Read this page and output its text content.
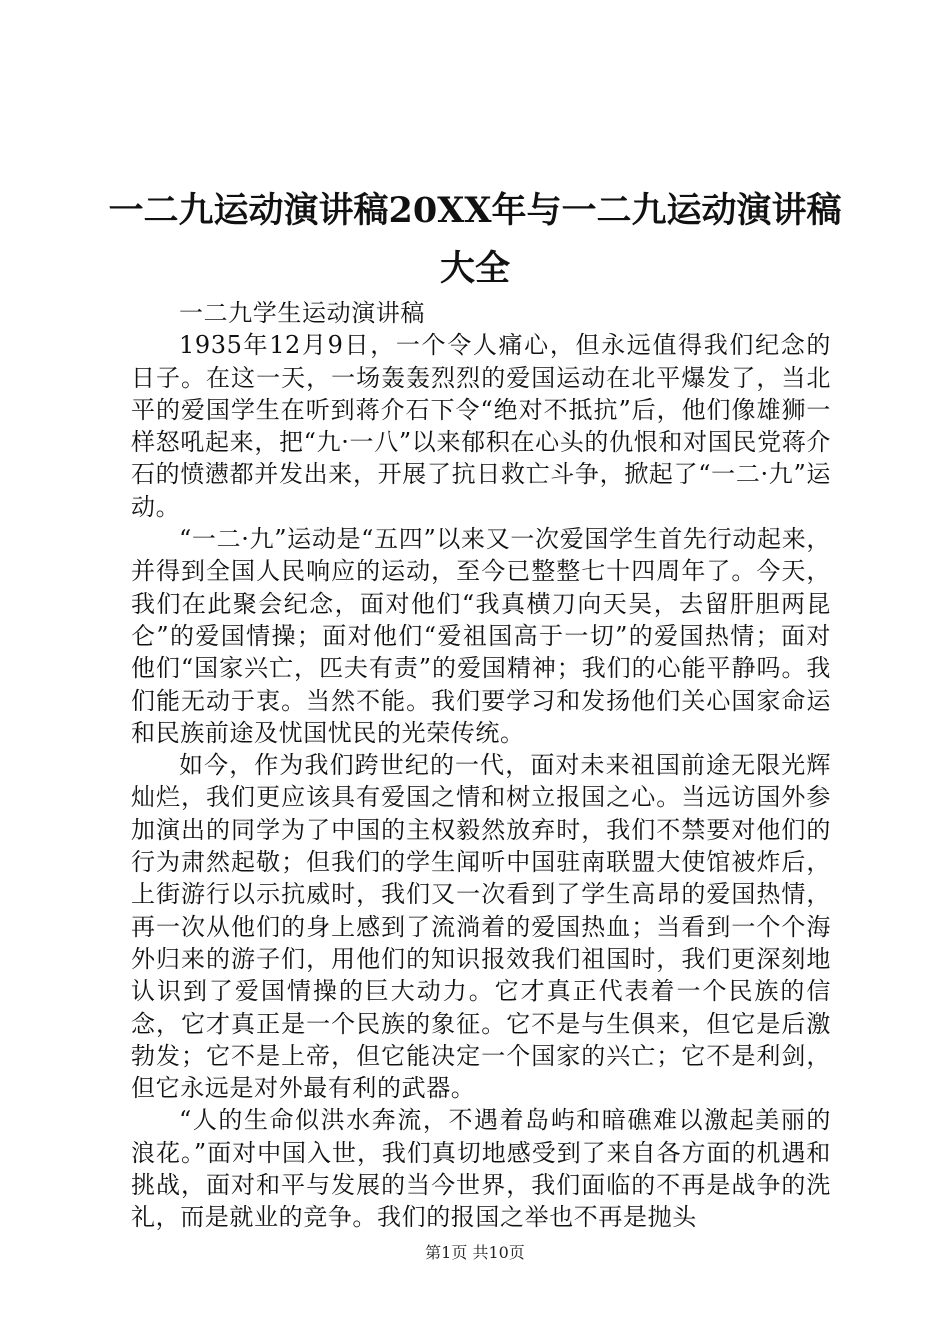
一二九运动演讲稿20XX年与一二九运动演讲稿大全

一二九学生运动演讲稿

1935年12月9日，一个令人痛心，但永远值得我们纪念的日子。在这一天，一场轰轰烈烈的爱国运动在北平爆发了，当北平的爱国学生在听到蒋介石下令“绝对不抵抗”后，他们像雄狮一样怒吼起来，把“九·一八”以来郁积在心头的仇恨和对国民党蒋介石的愤懑都并发出来，开展了抗日救亡斗争，掀起了“一二·九”运动。

“一二·九”运动是“五四”以来又一次爱国学生首先行动起来，并得到全国人民响应的运动，至今已整整七十四周年了。今天，我们在此聚会纪念，面对他们“我真横刀向天吴，去留肝胆两昆仑”的爱国情操；面对他们“爱祖国高于一切”的爱国热情；面对他们“国家兴亡，匹夫有责”的爱国精神；我们的心能平静吗。我们能无动于衷。当然不能。我们要学习和发扬他们关心国家命运和民族前途及忧国忧民的光荣传统。

如今，作为我们跨世纪的一代，面对未来祖国前途无限光辉灿烂，我们更应该具有爱国之情和树立报国之心。当远访国外参加演出的同学为了中国的主权毅然放弃时，我们不禁要对他们的行为肃然起敬；但我们的学生闻听中国驻南联盟大使馆被炸后，上街游行以示抗威时，我们又一次看到了学生高昂的爱国热情，再一次从他们的身上感到了流淌着的爱国热血；当看到一个个海外归来的游子们，用他们的知识报效我们祖国时，我们更深刻地认识到了爱国情操的巨大动力。它才真正代表着一个民族的信念，它才真正是一个民族的象征。它不是与生俱来，但它是后激勃发；它不是上帝，但它能决定一个国家的兴亡；它不是利剑，但它永远是对外最有利的武器。

“人的生命似洪水奔流，不遇着岛屿和暗礁难以激起美丽的浪花。”面对中国入世，我们真切地感受到了来自各方面的机遇和挑战，面对和平与发展的当今世界，我们面临的不再是战争的洗礼，而是就业的竞争。我们的报国之举也不再是抛头

第1页 共10页
